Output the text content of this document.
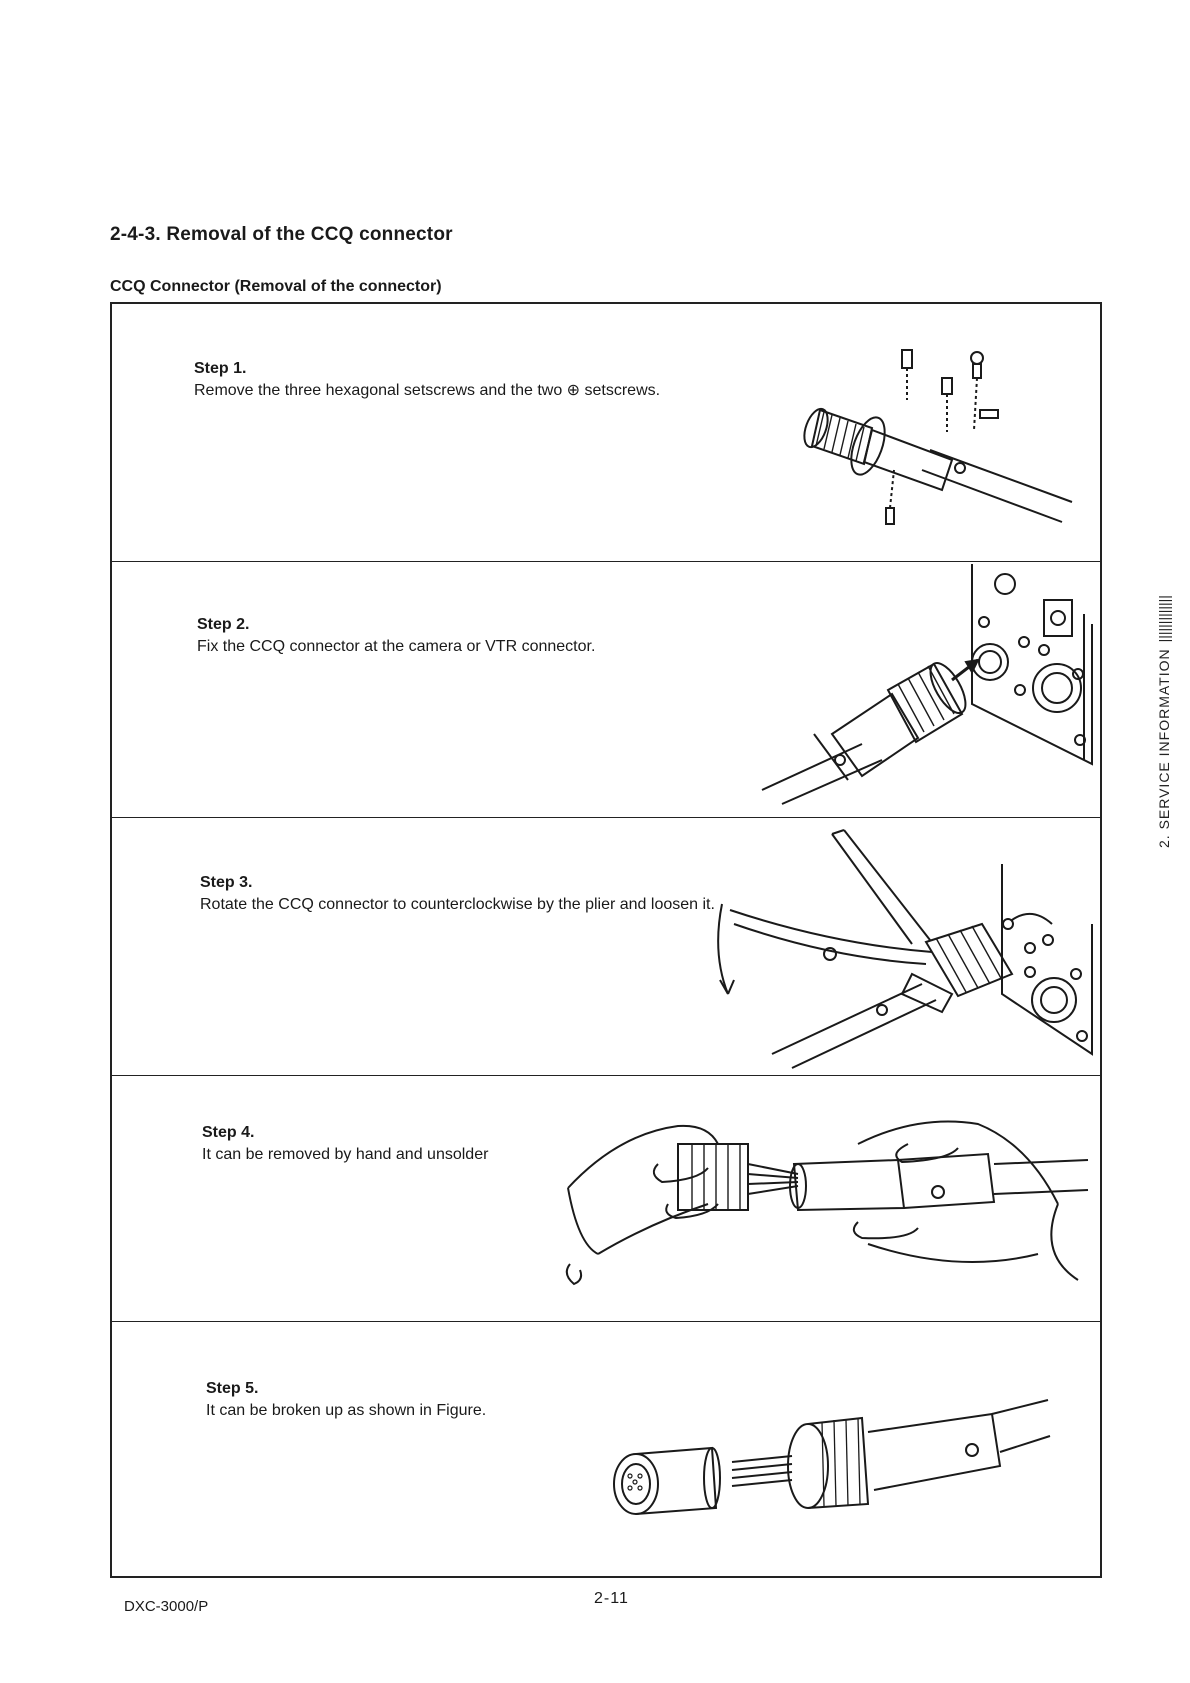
2-4-3. Removal of the CCQ connector
CCQ Connector (Removal of the connector)
Step 1.
Remove the three hexagonal setscrews and the two ⊕ setscrews.
Step 2.
Fix the CCQ connector at the camera or VTR connector.
Step 3.
Rotate the CCQ connector to counterclockwise by the plier and loosen it.
Step 4.
It can be removed by hand and unsolder
Step 5.
It can be broken up as shown in Figure.
2. SERVICE INFORMATION|||||||||||||
DXC-3000/P	2-11
